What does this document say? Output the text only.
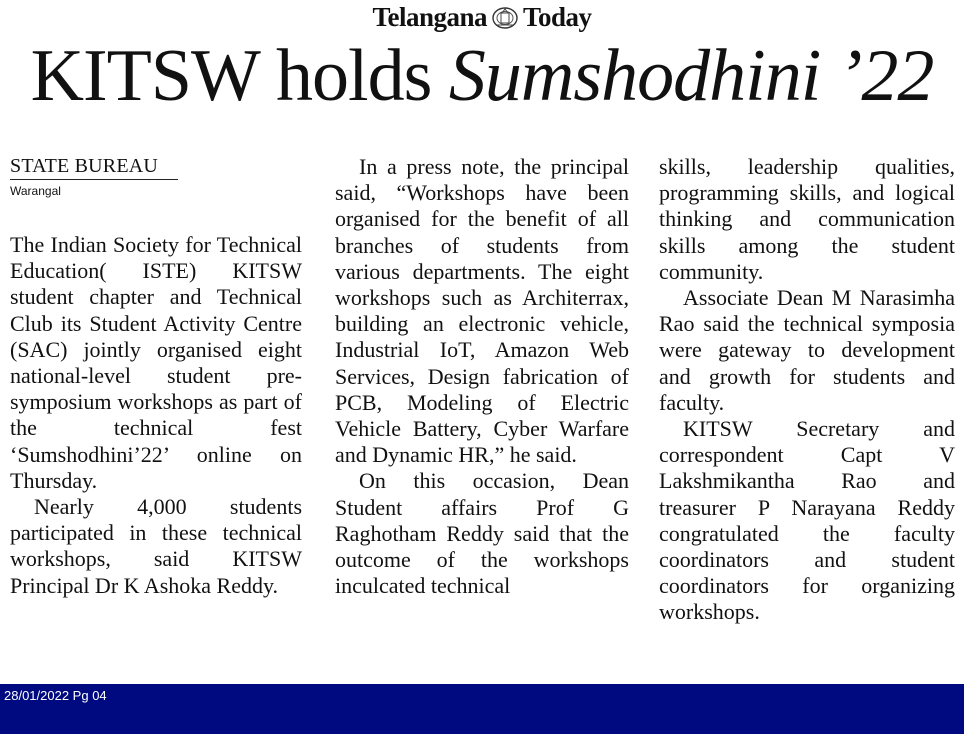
Telangana Today
KITSW holds Sumshodhini ’22
STATE BUREAU
Warangal

The Indian Society for Technical Education( ISTE) KITSW student chapter and Technical Club its Student Activity Centre (SAC) jointly organised eight national-level student pre-symposium workshops as part of the technical fest ‘Sumshodhini’22’ online on Thursday.

Nearly 4,000 students participated in these technical workshops, said KITSW Principal Dr K Ashoka Reddy.

In a press note, the principal said, “Workshops have been organised for the benefit of all branches of students from various departments. The eight workshops such as Architerrax, building an electronic vehicle, Industrial IoT, Amazon Web Services, Design fabrication of PCB, Modeling of Electric Vehicle Battery, Cyber Warfare and Dynamic HR,” he said.

On this occasion, Dean Student affairs Prof G Raghotham Reddy said that the outcome of the workshops inculcated technical

skills, leadership qualities, programming skills, and logical thinking and communication skills among the student community.

Associate Dean M Narasimha Rao said the technical symposia were gateway to development and growth for students and faculty.

KITSW Secretary and correspondent Capt V Lakshmikantha Rao and treasurer P Narayana Reddy congratulated the faculty coordinators and student coordinators for organizing workshops.

28/01/2022 Pg 04
